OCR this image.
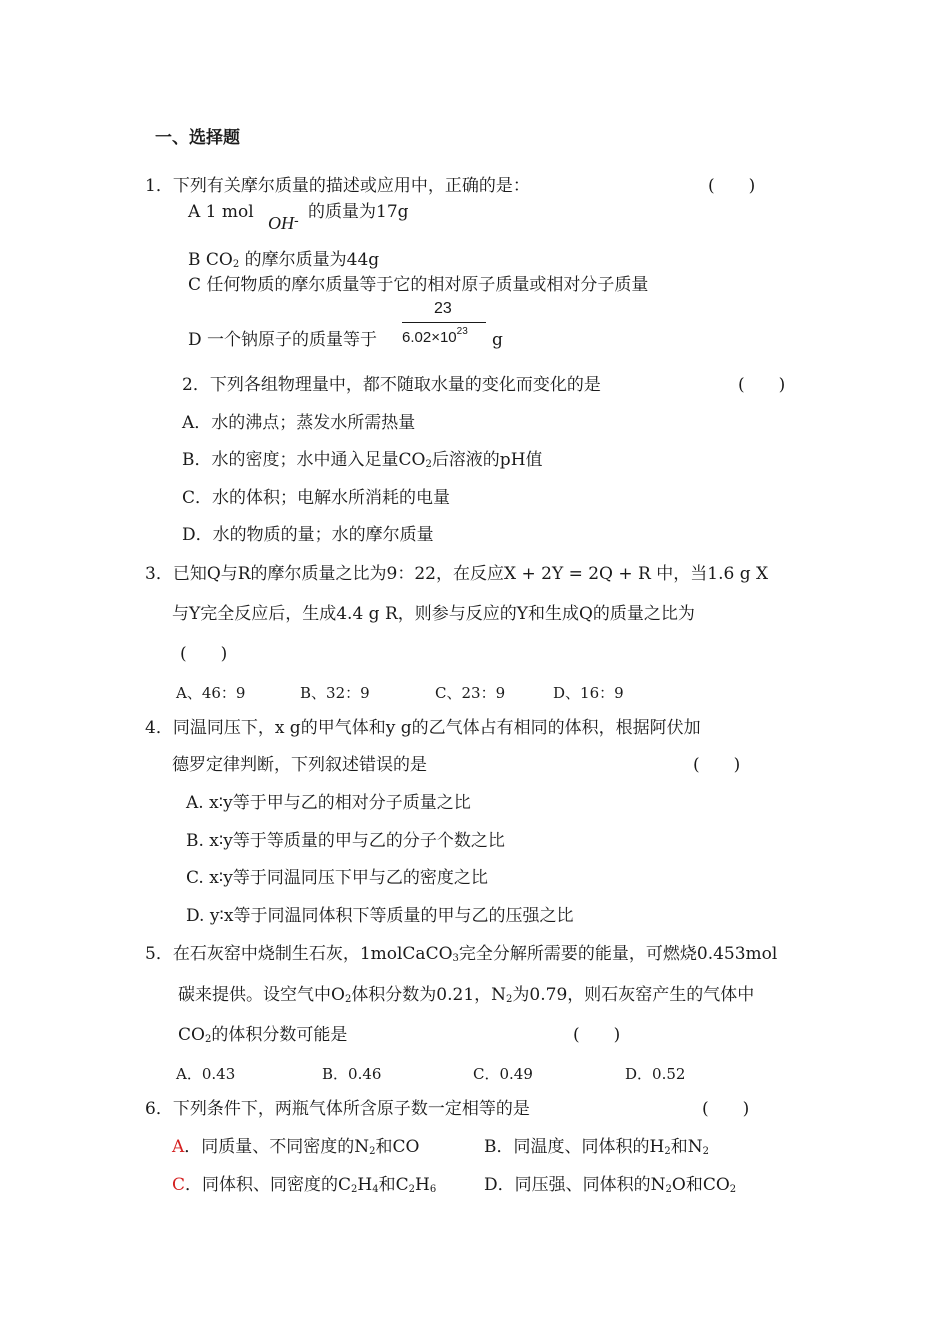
一、选择题
1．下列有关摩尔质量的描述或应用中，正确的是：	(　　)
A 1 mol
OH- 的质量为17g
B $CO_2$ 的摩尔质量为44g
C 任何物质的摩尔质量等于它的相对原子质量或相对分子质量
D 一个钠原子的质量等于
23
$6.02\times 10^{23}$ g
2．下列各组物理量中，都不随取水量的变化而变化的是	(　　)
A．水的沸点；蒸发水所需热量
B．水的密度；水中通入足量$CO_2$后溶液的pH值
C．水的体积；电解水所消耗的电量
D．水的物质的量；水的摩尔质量
3．已知Q与R的摩尔质量之比为9：22，在反应X + 2Y = 2Q + R 中，当1.6 g X
与Y完全反应后，生成4.4 g R，则参与反应的Y和生成Q的质量之比为
(　　)
A、46：9	B、32：9	C、23：9	D、16：9
4．同温同压下，x g的甲气体和y g的乙气体占有相同的体积，根据阿伏加
德罗定律判断，下列叙述错误的是	(　　)
A. x∶y等于甲与乙的相对分子质量之比
B. x∶y等于等质量的甲与乙的分子个数之比
C. x∶y等于同温同压下甲与乙的密度之比
D. y∶x等于同温同体积下等质量的甲与乙的压强之比
5．在石灰窑中烧制生石灰，1molCaCO$_3$完全分解所需要的能量，可燃烧0.453mol
碳来提供。设空气中$O_2$体积分数为0.21，$N_2$为0.79，则石灰窑产生的气体中
$CO_2$的体积分数可能是	(　　)
A．0.43	B．0.46	C．0.49	D．0.52
6．下列条件下，两瓶气体所含原子数一定相等的是	(　　)
A．同质量、不同密度的$N_2$和CO	B．同温度、同体积的$H_2$和$N_2$
C．同体积、同密度的$C_2H_4$和$C_2H_6$	D．同压强、同体积的$N_2O$和$CO_2$
